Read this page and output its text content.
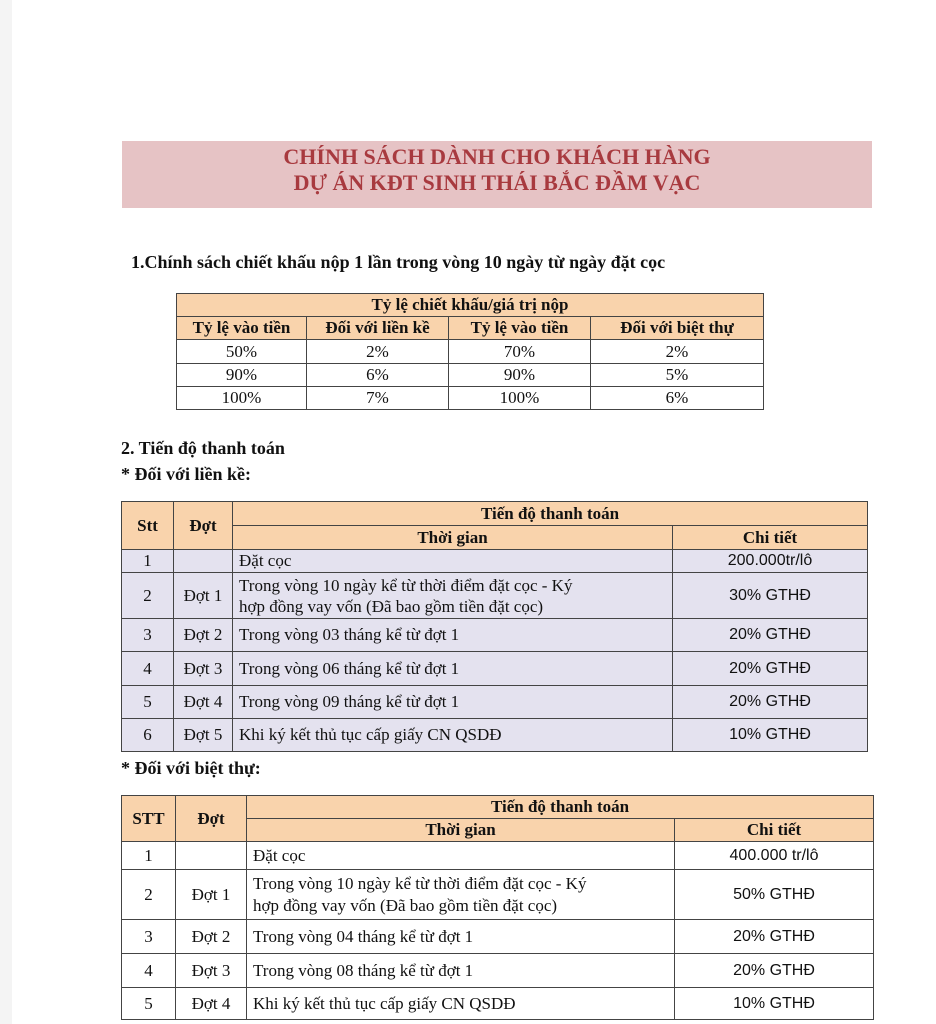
CHÍNH SÁCH DÀNH CHO KHÁCH HÀNG
DỰ ÁN KĐT SINH THÁI BẮC ĐẦM VẠC
1.Chính sách chiết khấu nộp 1 lần trong vòng 10 ngày từ ngày đặt cọc
Tỷ lệ chiết khấu/giá trị nộp			
Tỷ lệ vào tiền	Đối với liền kề	Tỷ lệ vào tiền	Đối với biệt thự
50%	2%	70%	2%
90%	6%	90%	5%
100%	7%	100%	6%
2. Tiến độ thanh toán
* Đối với liền kề:
Stt	Đợt	Tiến độ thanh toán	
		Thời gian	Chi tiết
1		Đặt cọc	200.000tr/lô
2	Đợt 1	Trong vòng 10 ngày kể từ thời điểm đặt cọc - Ký
hợp đồng vay vốn (Đã bao gồm tiền đặt cọc)	30% GTHĐ
3	Đợt 2	Trong vòng 03 tháng kể từ đợt 1	20% GTHĐ
4	Đợt 3	Trong vòng 06 tháng kể từ đợt 1	20% GTHĐ
5	Đợt 4	Trong vòng 09 tháng kể từ đợt 1	20% GTHĐ
6	Đợt 5	Khi ký kết thủ tục cấp giấy CN QSDĐ	10% GTHĐ
* Đối với biệt thự:
STT	Đợt	Tiến độ thanh toán	
		Thời gian	Chi tiết
1		Đặt cọc	400.000 tr/lô
2	Đợt 1	Trong vòng 10 ngày kể từ thời điểm đặt cọc - Ký
hợp đồng vay vốn (Đã bao gồm tiền đặt cọc)	50% GTHĐ
3	Đợt 2	Trong vòng 04 tháng kể từ đợt 1	20% GTHĐ
4	Đợt 3	Trong vòng 08 tháng kể từ đợt 1	20% GTHĐ
5	Đợt 4	Khi ký kết thủ tục cấp giấy CN QSDĐ	10% GTHĐ
